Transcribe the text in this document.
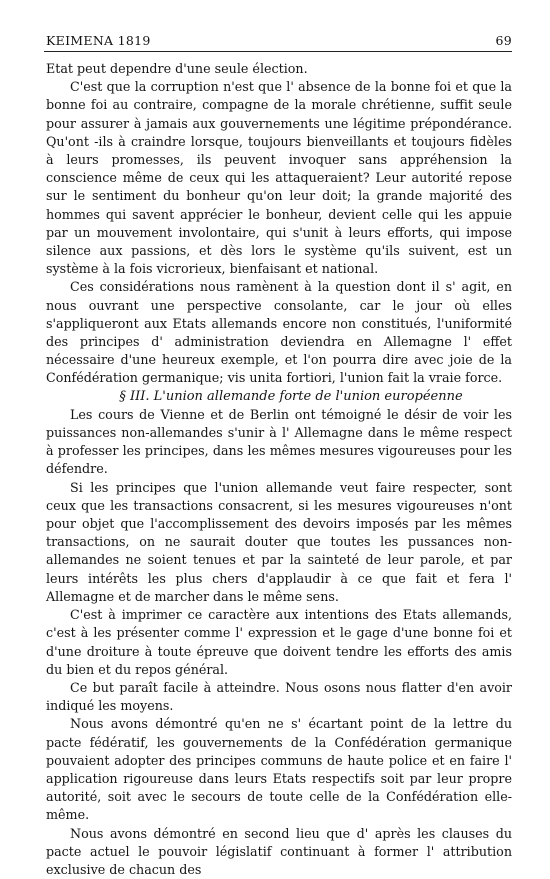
KEIMENA 1819	69

Etat peut dependre d'une seule élection.

C'est que la corruption n'est que l' absence de la bonne foi et que la bonne foi au contraire, compagne de la morale chrétienne, suffit seule pour assurer à jamais aux gouvernements une légitime prépondérance. Qu'ont -ils à craindre lorsque, toujours bienveillants et toujours fidèles à leurs promesses, ils peuvent invoquer sans appréhension la conscience même de ceux qui les attaqueraient? Leur autorité repose sur le sentiment du bonheur qu'on leur doit; la grande majorité des hommes qui savent apprécier le bonheur, devient celle qui les appuie par un mouvement involontaire, qui s'unit à leurs efforts, qui impose silence aux passions, et dès lors le système qu'ils suivent, est un système à la fois vicrorieux, bienfaisant et national.

Ces considérations nous ramènent à la question dont il s' agit, en nous ouvrant une perspective consolante, car le jour où elles s'appliqueront aux Etats allemands encore non constitués, l'uniformité des principes d' administration deviendra en Allemagne l' effet nécessaire d'une heureux exemple, et l'on pourra dire avec joie de la Confédération germanique; vis unita fortiori, l'union fait la vraie force.

§ III. L'union allemande forte de l'union européenne

Les cours de Vienne et de Berlin ont témoigné le désir de voir les puissances non-allemandes s'unir à l' Allemagne dans le même respect à professer les principes, dans les mêmes mesures vigoureuses pour les défendre.

Si les principes que l'union allemande veut faire respecter, sont ceux que les transactions consacrent, si les mesures vigoureuses n'ont pour objet que l'accomplissement des devoirs imposés par les mêmes transactions, on ne saurait douter que toutes les pussances non-allemandes ne soient tenues et par la sainteté de leur parole, et par leurs intérêts les plus chers d'applaudir à ce que fait et fera l' Allemagne et de marcher dans le même sens.

C'est à imprimer ce caractère aux intentions des Etats allemands, c'est à les présenter comme l' expression et le gage d'une bonne foi et d'une droiture à toute épreuve que doivent tendre les efforts des amis du bien et du repos général.

Ce but paraît facile à atteindre. Nous osons nous flatter d'en avoir indiqué les moyens.

Nous avons démontré qu'en ne s' écartant point de la lettre du pacte fédératif, les gouvernements de la Confédération germanique pouvaient adopter des principes communs de haute police et en faire l' application rigoureuse dans leurs Etats respectifs soit par leur propre autorité, soit avec le secours de toute celle de la Confédération elle-même.

Nous avons démontré en second lieu que d' après les clauses du pacte actuel le pouvoir législatif continuant à former l' attribution exclusive de chacun des
